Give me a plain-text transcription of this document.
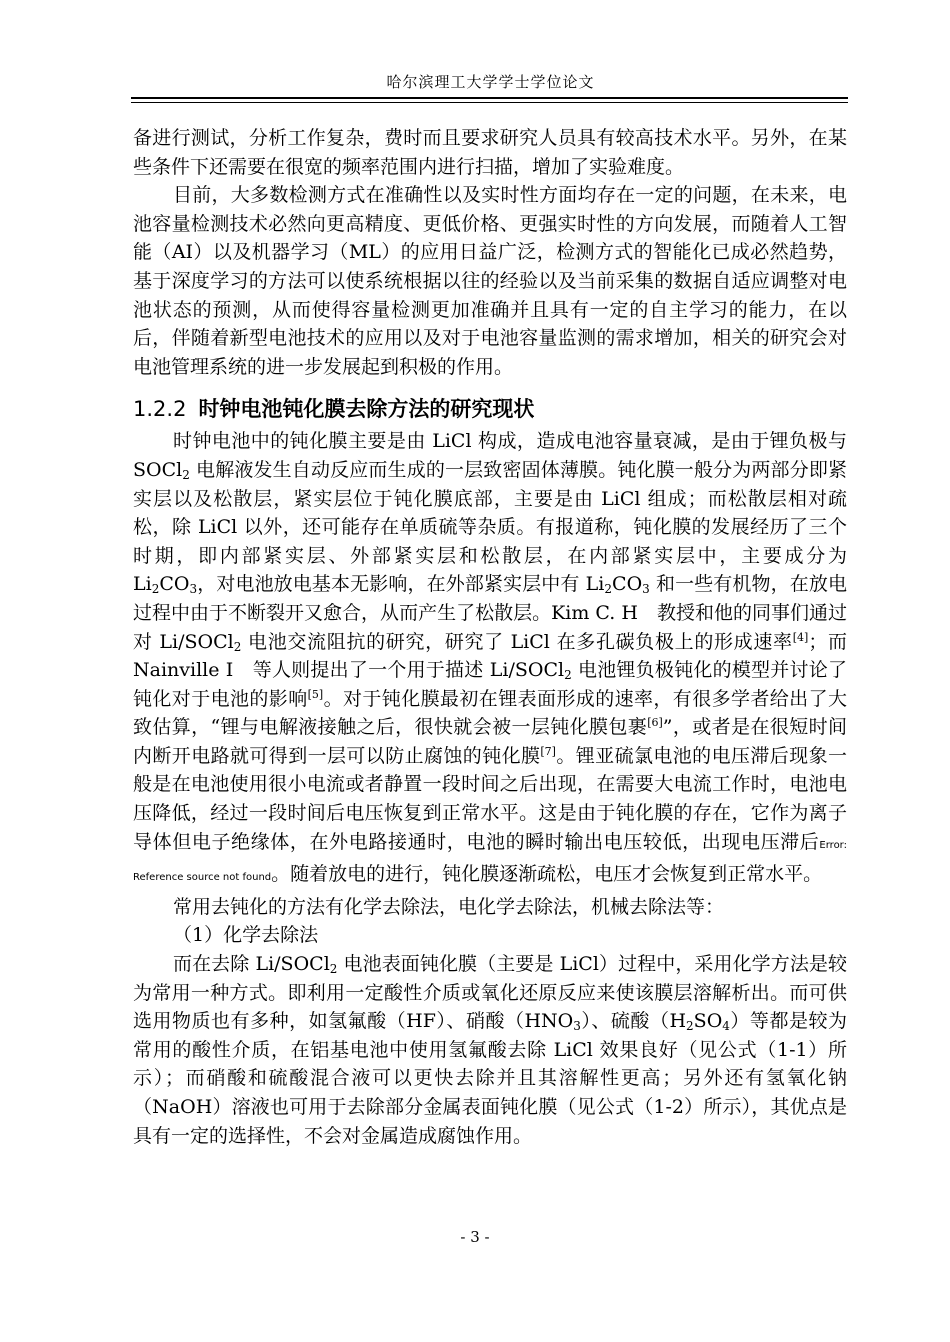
哈尔滨理工大学学士学位论文

备进行测试，分析工作复杂，费时而且要求研究人员具有较高技术水平。另外，在某些条件下还需要在很宽的频率范围内进行扫描，增加了实验难度。

目前，大多数检测方式在准确性以及实时性方面均存在一定的问题，在未来，电池容量检测技术必然向更高精度、更低价格、更强实时性的方向发展，而随着人工智能（AI）以及机器学习（ML）的应用日益广泛，检测方式的智能化已成必然趋势，基于深度学习的方法可以使系统根据以往的经验以及当前采集的数据自适应调整对电池状态的预测，从而使得容量检测更加准确并且具有一定的自主学习的能力，在以后，伴随着新型电池技术的应用以及对于电池容量监测的需求增加，相关的研究会对电池管理系统的进一步发展起到积极的作用。

1.2.2 时钟电池钝化膜去除方法的研究现状

时钟电池中的钝化膜主要是由 LiCl 构成，造成电池容量衰减，是由于锂负极与 SOCl$_2$ 电解液发生自动反应而生成的一层致密固体薄膜。钝化膜一般分为两部分即紧实层以及松散层，紧实层位于钝化膜底部，主要是由 LiCl 组成；而松散层相对疏松，除 LiCl 以外，还可能存在单质硫等杂质。有报道称，钝化膜的发展经历了三个时期，即内部紧实层、外部紧实层和松散层，在内部紧实层中，主要成分为 $Li_2CO_3$，对电池放电基本无影响，在外部紧实层中有 $Li_2CO_3$ 和一些有机物，在放电过程中由于不断裂开又愈合，从而产生了松散层。Kim C. H　教授和他的同事们通过对 Li/SOCl$_2$ 电池交流阻抗的研究，研究了 LiCl 在多孔碳负极上的形成速率[4]；而 Nainville I　等人则提出了一个用于描述 Li/SOCl$_2$ 电池锂负极钝化的模型并讨论了钝化对于电池的影响[5]。对于钝化膜最初在锂表面形成的速率，有很多学者给出了大致估算，“锂与电解液接触之后，很快就会被一层钝化膜包裹[6]”，或者是在很短时间内断开电路就可得到一层可以防止腐蚀的钝化膜[7]。锂亚硫氯电池的电压滞后现象一般是在电池使用很小电流或者静置一段时间之后出现，在需要大电流工作时，电池电压降低，经过一段时间后电压恢复到正常水平。这是由于钝化膜的存在，它作为离子导体但电子绝缘体，在外电路接通时，电池的瞬时输出电压较低，出现电压滞后Error: Reference source not found。随着放电的进行，钝化膜逐渐疏松，电压才会恢复到正常水平。

常用去钝化的方法有化学去除法，电化学去除法，机械去除法等：

（1）化学去除法

而在去除 Li/SOCl$_2$ 电池表面钝化膜（主要是 LiCl）过程中，采用化学方法是较为常用一种方式。即利用一定酸性介质或氧化还原反应来使该膜层溶解析出。而可供选用物质也有多种，如氢氟酸（HF）、硝酸$(HNO_3)$、硫酸$(H_2SO_4)$等都是较为常用的酸性介质，在铝基电池中使用氢氟酸去除 LiCl 效果良好（见公式（1-1）所示）；而硝酸和硫酸混合液可以更快去除并且其溶解性更高；另外还有氢氧化钠（NaOH）溶液也可用于去除部分金属表面钝化膜（见公式（1-2）所示），其优点是具有一定的选择性，不会对金属造成腐蚀作用。

- 3 -
